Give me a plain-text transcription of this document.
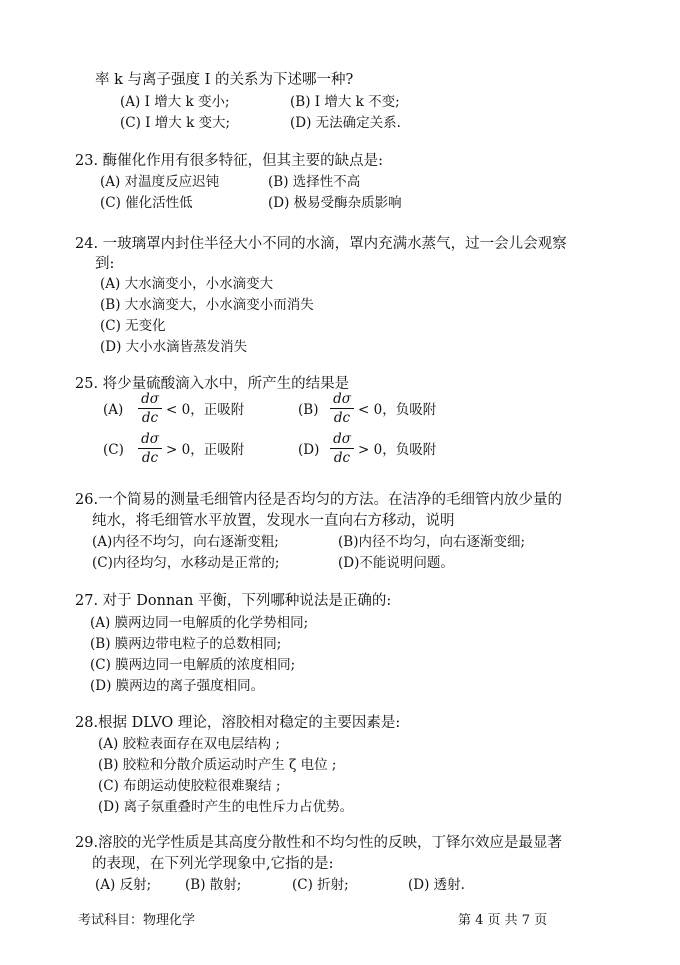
率 k 与离子强度 I 的关系为下述哪一种?
(A) I 增大 k 变小;	(B) I 增大 k 不变;
(C) I 增大 k 变大;	(D) 无法确定关系.
23. 酶催化作用有很多特征，但其主要的缺点是:
(A) 对温度反应迟钝	(B) 选择性不高
(C) 催化活性低	(D) 极易受酶杂质影响
24. 一玻璃罩内封住半径大小不同的水滴，罩内充满水蒸气，过一会儿会观察
到:
(A) 大水滴变小，小水滴变大
(B) 大水滴变大，小水滴变小而消失
(C) 无变化
(D) 大小水滴皆蒸发消失
25. 将少量硫酸滴入水中，所产生的结果是
(A)
dσ
dc < 0，正吸附	(B)
dσ
dc < 0，负吸附
(C)
dσ
dc > 0，正吸附	(D)
dσ
dc > 0，负吸附
26.一个简易的测量毛细管内径是否均匀的方法。在洁净的毛细管内放少量的
纯水，将毛细管水平放置，发现水一直向右方移动，说明
(A)内径不均匀，向右逐渐变粗;	(B)内径不均匀，向右逐渐变细;
(C)内径均匀，水移动是正常的;	(D)不能说明问题。
27. 对于 Donnan 平衡，下列哪种说法是正确的:
(A) 膜两边同一电解质的化学势相同;
(B) 膜两边带电粒子的总数相同;
(C) 膜两边同一电解质的浓度相同;
(D) 膜两边的离子强度相同。
28.根据 DLVO 理论，溶胶相对稳定的主要因素是:
(A) 胶粒表面存在双电层结构 ;
(B) 胶粒和分散介质运动时产生 ζ 电位 ;
(C) 布朗运动使胶粒很难聚结 ;
(D) 离子氛重叠时产生的电性斥力占优势。
29.溶胶的光学性质是其高度分散性和不均匀性的反映，丁铎尔效应是最显著
的表现，在下列光学现象中,它指的是:
(A) 反射;	(B) 散射;	(C) 折射;	(D) 透射.
考试科目：物理化学	第 4 页 共 7 页
